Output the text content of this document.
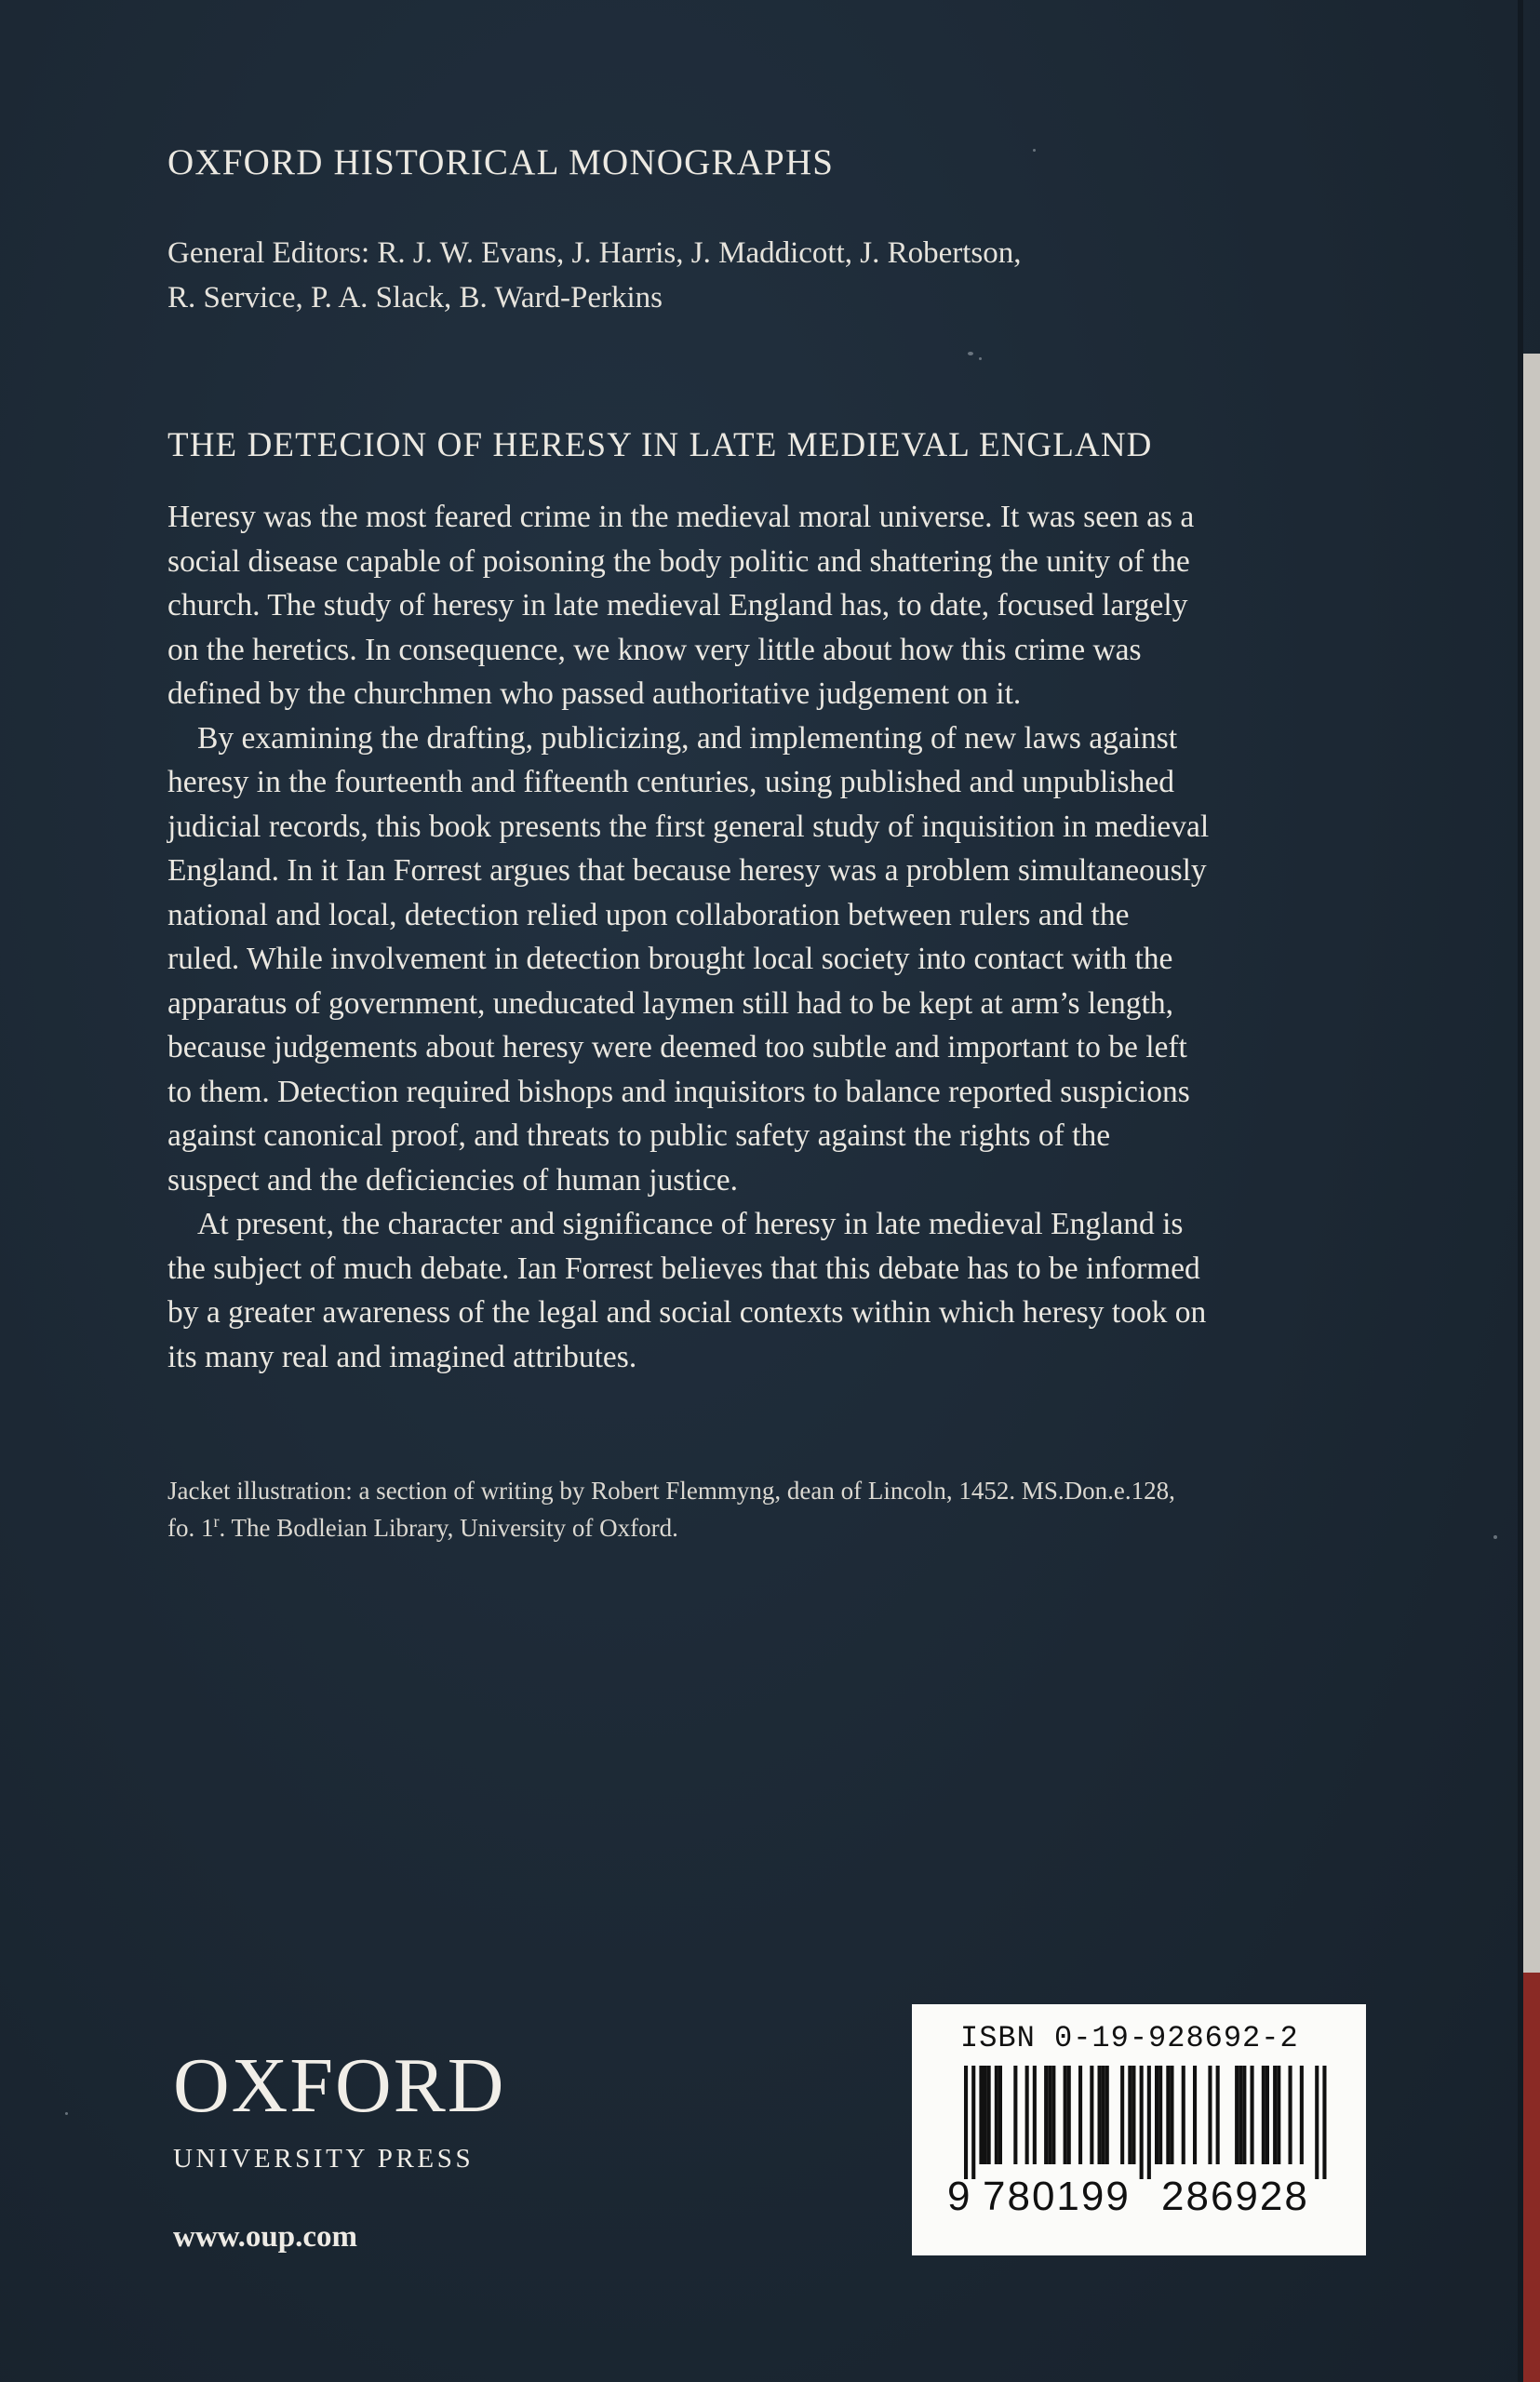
OXFORD HISTORICAL MONOGRAPHS
General Editors: R. J. W. Evans, J. Harris, J. Maddicott, J. Robertson,
R. Service, P. A. Slack, B. Ward-Perkins
THE DETECION OF HERESY IN LATE MEDIEVAL ENGLAND
Heresy was the most feared crime in the medieval moral universe. It was seen as a
social disease capable of poisoning the body politic and shattering the unity of the
church. The study of heresy in late medieval England has, to date, focused largely
on the heretics. In consequence, we know very little about how this crime was
defined by the churchmen who passed authoritative judgement on it.
By examining the drafting, publicizing, and implementing of new laws against
heresy in the fourteenth and fifteenth centuries, using published and unpublished
judicial records, this book presents the first general study of inquisition in medieval
England. In it Ian Forrest argues that because heresy was a problem simultaneously
national and local, detection relied upon collaboration between rulers and the
ruled. While involvement in detection brought local society into contact with the
apparatus of government, uneducated laymen still had to be kept at arm’s length,
because judgements about heresy were deemed too subtle and important to be left
to them. Detection required bishops and inquisitors to balance reported suspicions
against canonical proof, and threats to public safety against the rights of the
suspect and the deficiencies of human justice.
At present, the character and significance of heresy in late medieval England is
the subject of much debate. Ian Forrest believes that this debate has to be informed
by a greater awareness of the legal and social contexts within which heresy took on
its many real and imagined attributes.
Jacket illustration: a section of writing by Robert Flemmyng, dean of Lincoln, 1452. MS.Don.e.128,
fo. 1$^r$. The Bodleian Library, University of Oxford.
OXFORD
UNIVERSITY PRESS
www.oup.com
ISBN 0-19-928692-2
9 780199 286928
